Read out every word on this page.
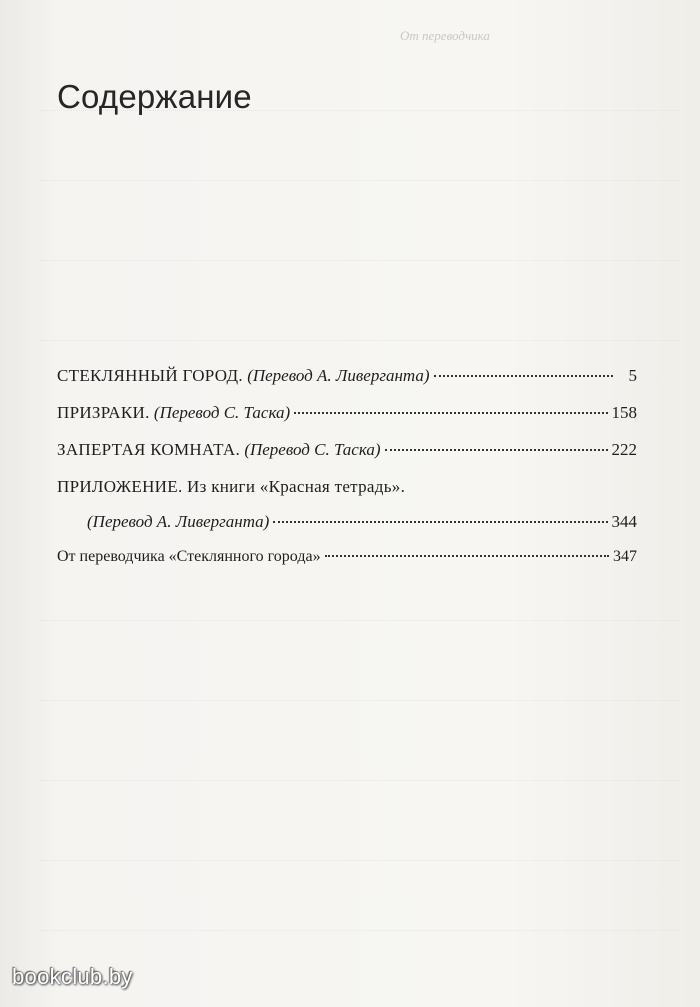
От переводчика
Содержание
СТЕКЛЯННЫЙ ГОРОД. (Перевод А. Ливерганта)	5
ПРИЗРАКИ. (Перевод С. Таска)	158
ЗАПЕРТАЯ КОМНАТА. (Перевод С. Таска)	222
ПРИЛОЖЕНИЕ. Из книги «Красная тетрадь».
(Перевод А. Ливерганта)	344
От переводчика «Стеклянного города»	347
bookclub.by
